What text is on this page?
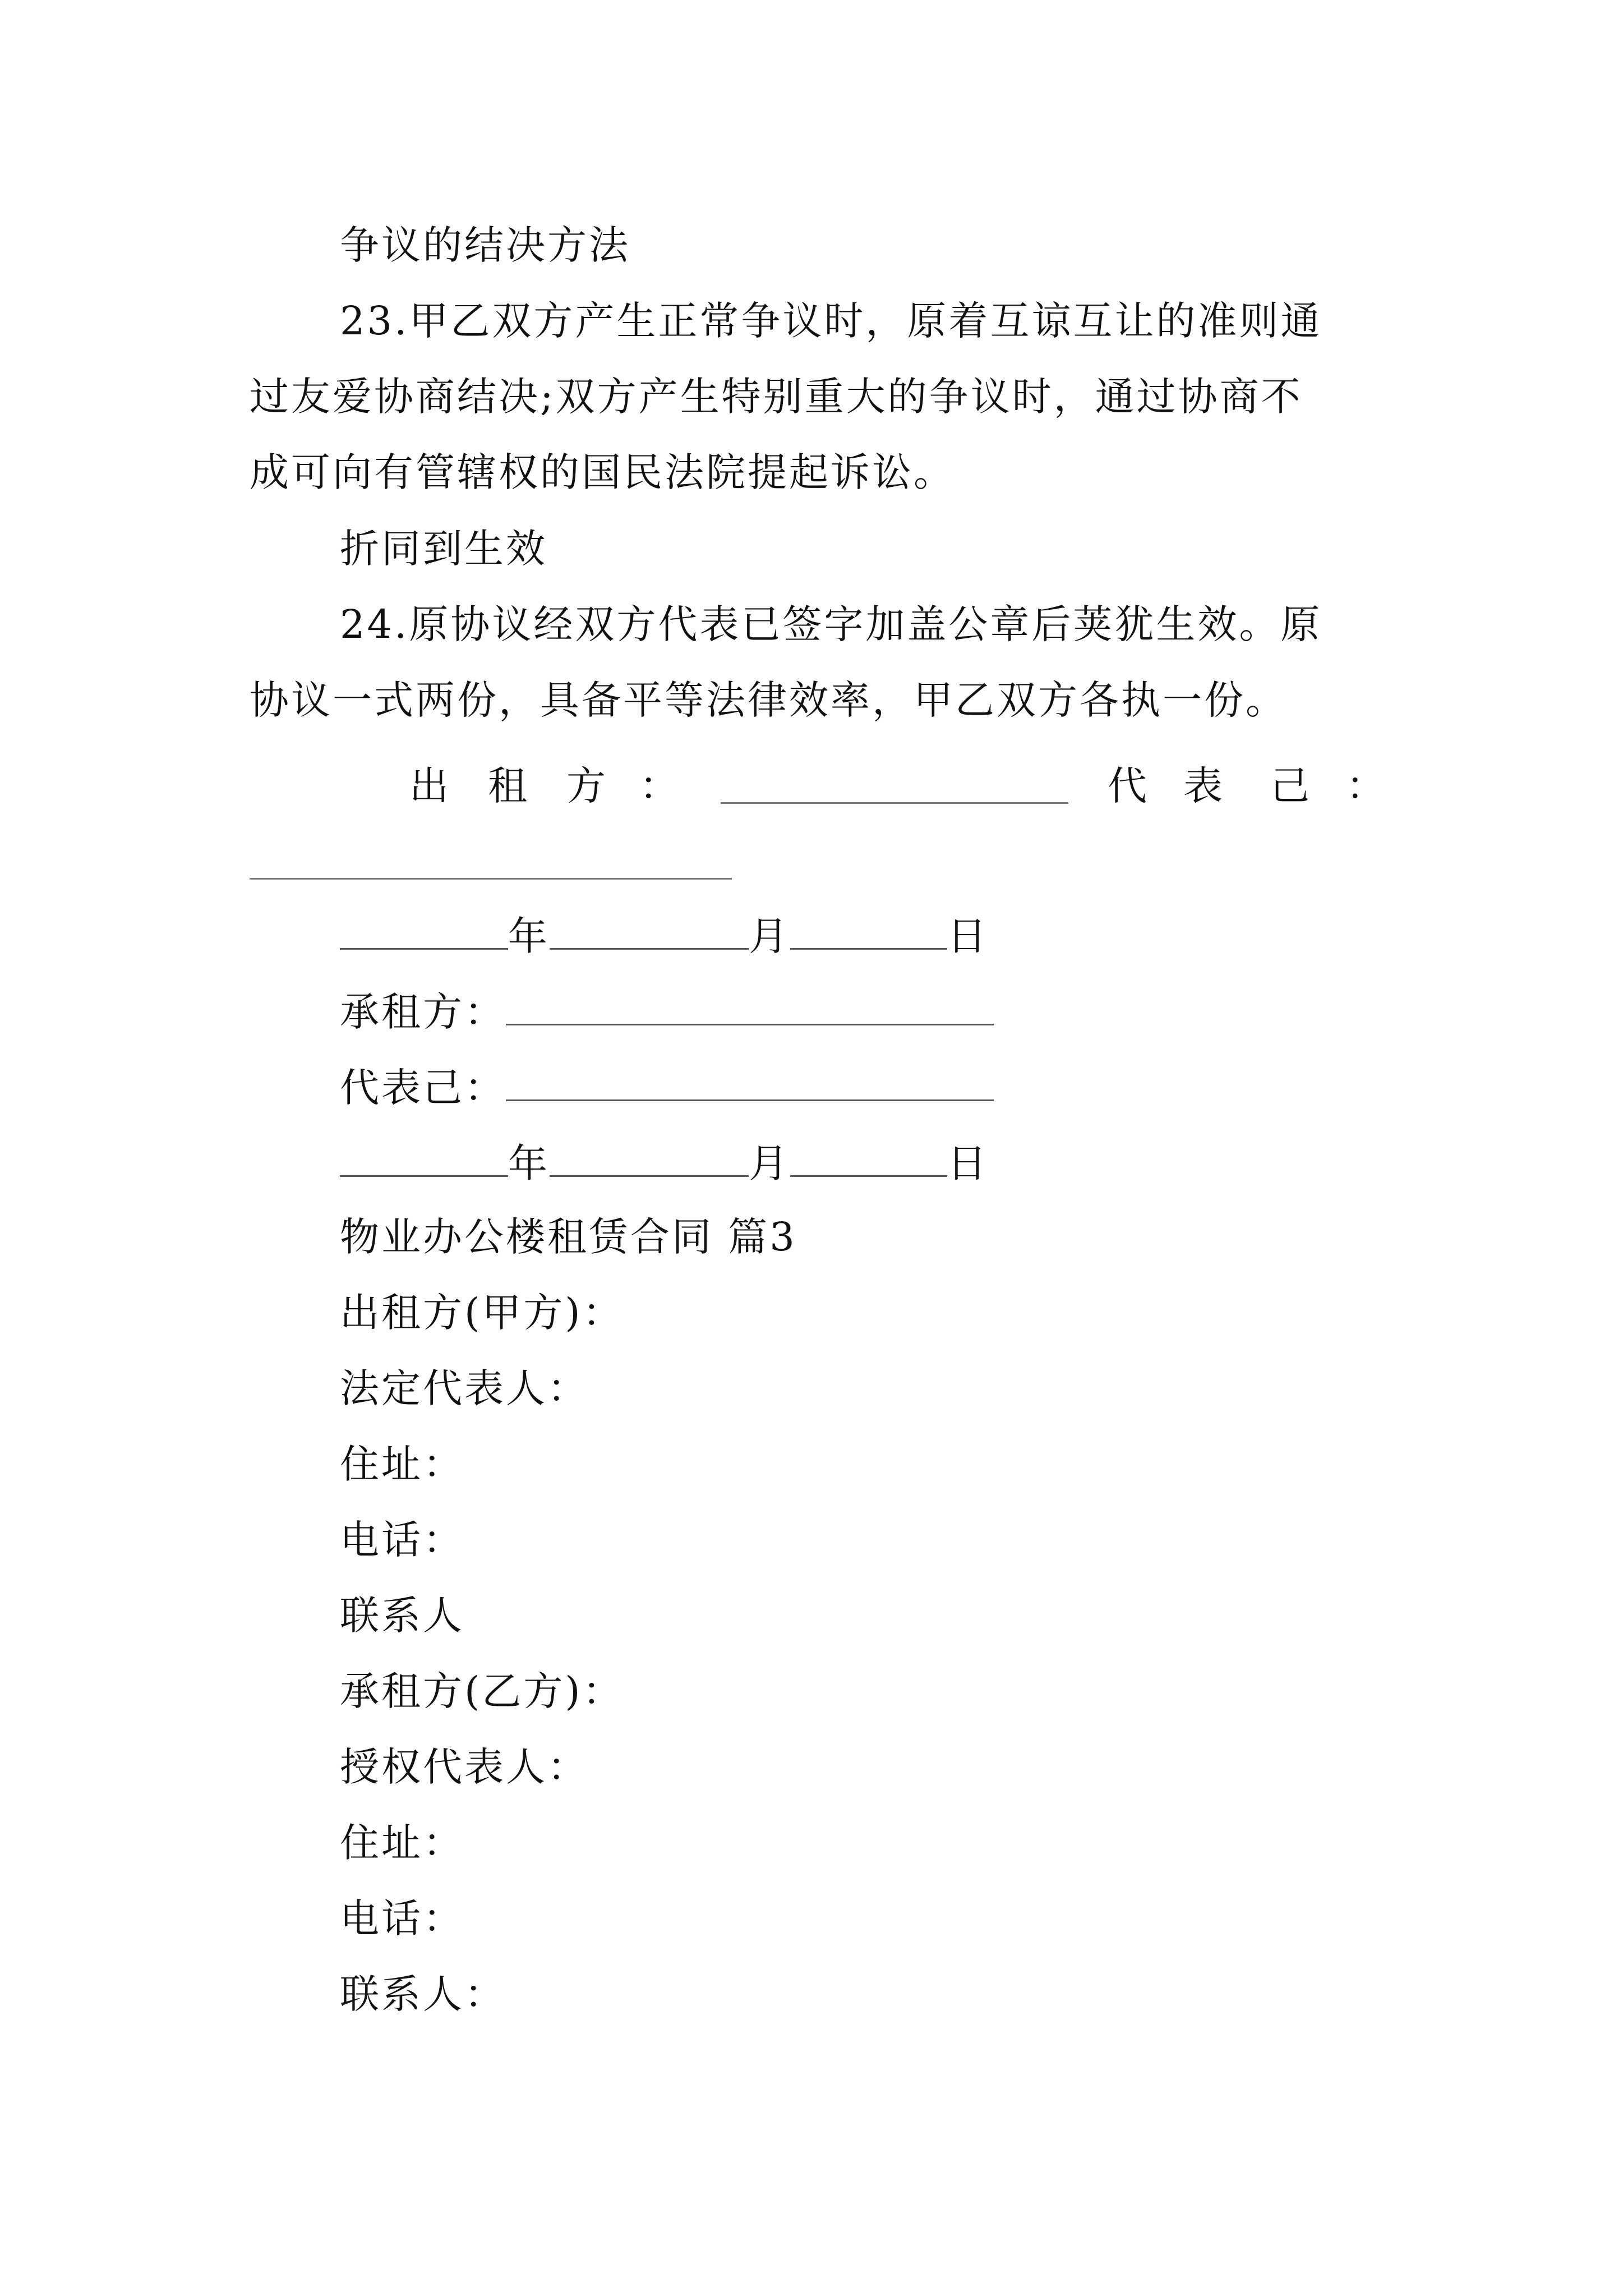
争议的结决方法
23.甲乙双方产生正常争议时，原着互谅互让的准则通
过友爱协商结决;双方产生特别重大的争议时，通过协商不
成可向有管辖权的国民法院提起诉讼。
折同到生效
24.原协议经双方代表已签字加盖公章后荚犹生效。原
协议一式两份，具备平等法律效率，甲乙双方各执一份。
出 租 方 ：	代 表 己 ：
年	月	日
承租方：
代表己：
年	月	日
物业办公楼租赁合同 篇3
出租方(甲方)：
法定代表人：
住址：
电话：
联系人
承租方(乙方)：
授权代表人：
住址：
电话：
联系人：
